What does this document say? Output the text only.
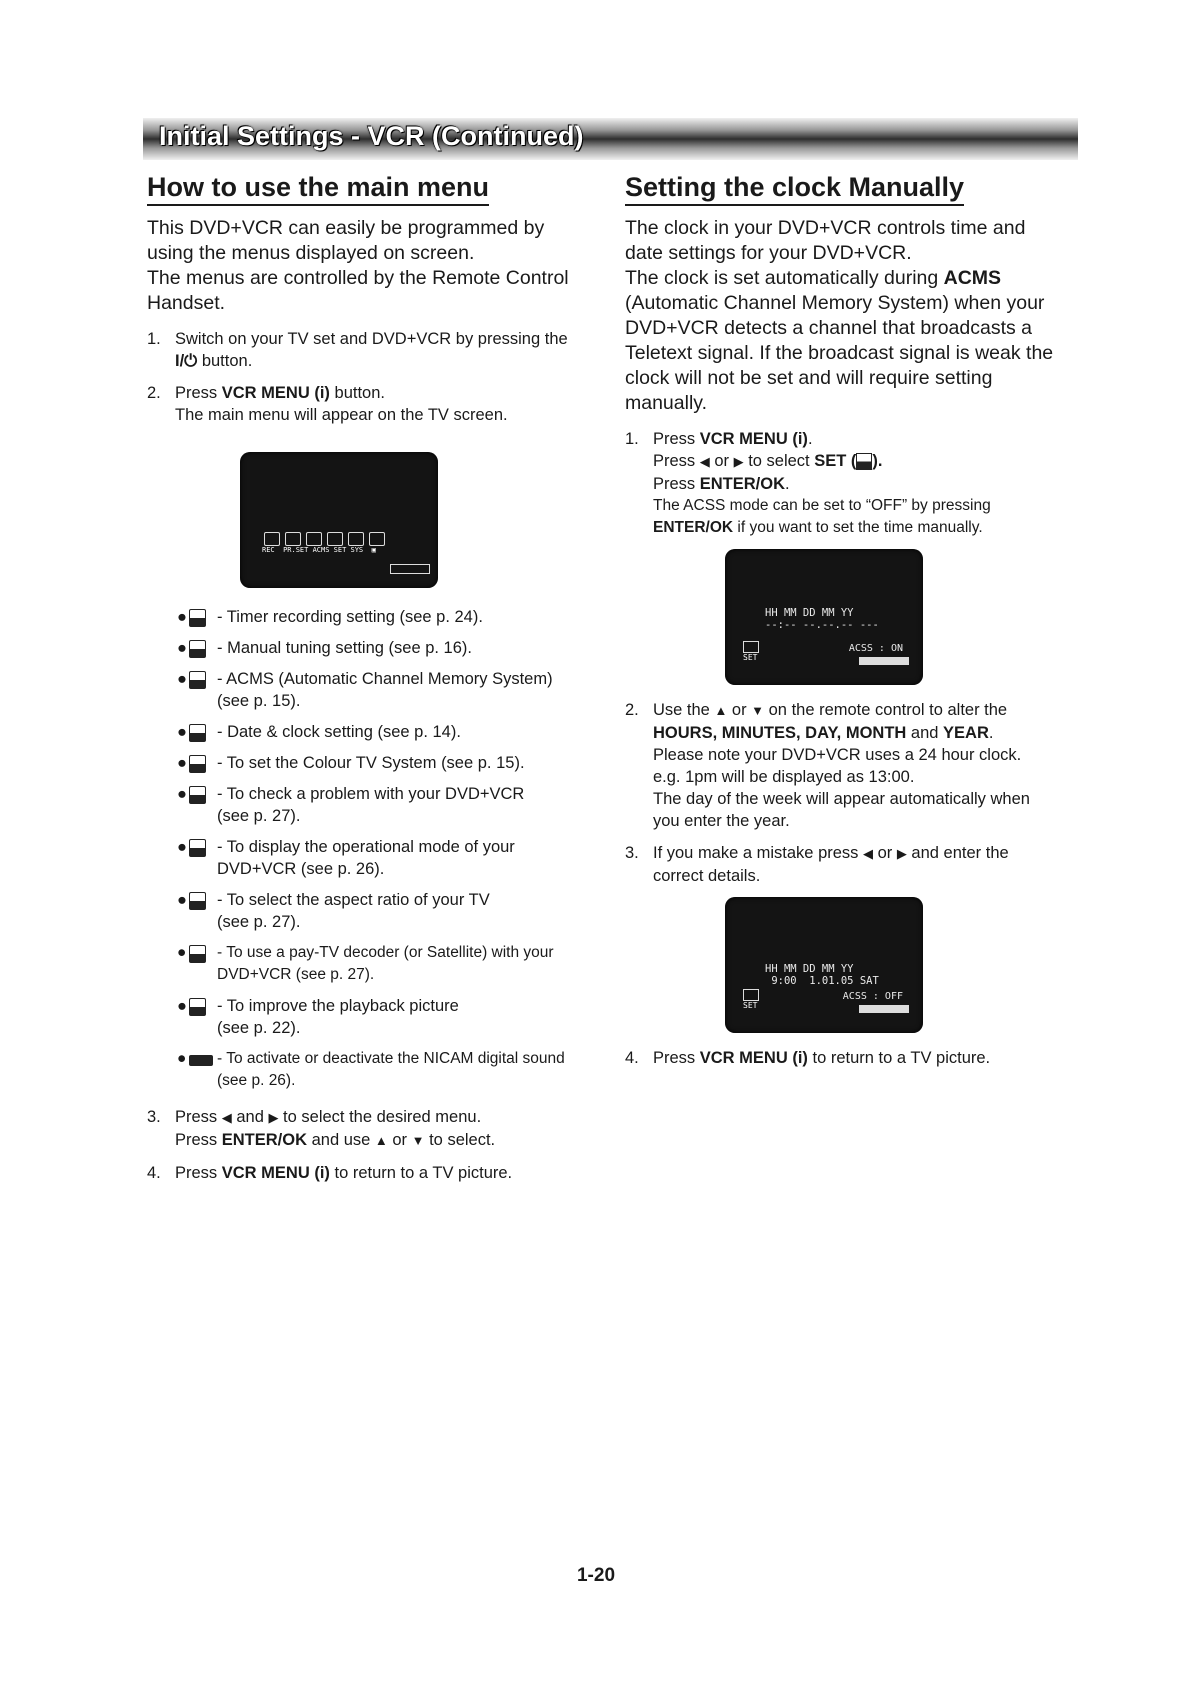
Initial Settings - VCR (Continued)
How to use the main menu

This DVD+VCR can easily be programmed by
using the menus displayed on screen.
The menus are controlled by the Remote Control
Handset.

1. Switch on your TV set and DVD+VCR by pressing the
I/⏻ button.
2. Press VCR MENU (i) button.
The main menu will appear on the TV screen.
REC  PR.SET ACMS SET SYS  ▣
● - Timer recording setting (see p. 24).
● - Manual tuning setting (see p. 16).
● - ACMS (Automatic Channel Memory System)
(see p. 15).
● - Date & clock setting (see p. 14).
● - To set the Colour TV System (see p. 15).
● - To check a problem with your DVD+VCR
(see p. 27).
● - To display the operational mode of your
DVD+VCR (see p. 26).
● - To select the aspect ratio of your TV
(see p. 27).
● - To use a pay-TV decoder (or Satellite) with your
DVD+VCR (see p. 27).
● - To improve the playback picture
(see p. 22).
● - To activate or deactivate the NICAM digital sound
(see p. 26).
3. Press ◀ and ▶ to select the desired menu.
Press ENTER/OK and use ▲ or ▼ to select.
4. Press VCR MENU (i) to return to a TV picture.
Setting the clock Manually

The clock in your DVD+VCR controls time and
date settings for your DVD+VCR.
The clock is set automatically during ACMS
(Automatic Channel Memory System) when your
DVD+VCR detects a channel that broadcasts a
Teletext signal. If the broadcast signal is weak the
clock will not be set and will require setting
manually.

1. Press VCR MENU (i).
Press ◀ or ▶ to select SET ( ).
Press ENTER/OK.
The ACSS mode can be set to “OFF” by pressing
ENTER/OK if you want to set the time manually.
HH MM DD MM YY
--:-- --.--.-- ---
SET
ACSS : ON
2. Use the ▲ or ▼ on the remote control to alter the
HOURS, MINUTES, DAY, MONTH and YEAR.
Please note your DVD+VCR uses a 24 hour clock.
e.g. 1pm will be displayed as 13:00.
The day of the week will appear automatically when
you enter the year.
3. If you make a mistake press ◀ or ▶ and enter the
correct details.
HH MM DD MM YY
9:00  1.01.05 SAT
SET
ACSS : OFF
4. Press VCR MENU (i) to return to a TV picture.
1-20
